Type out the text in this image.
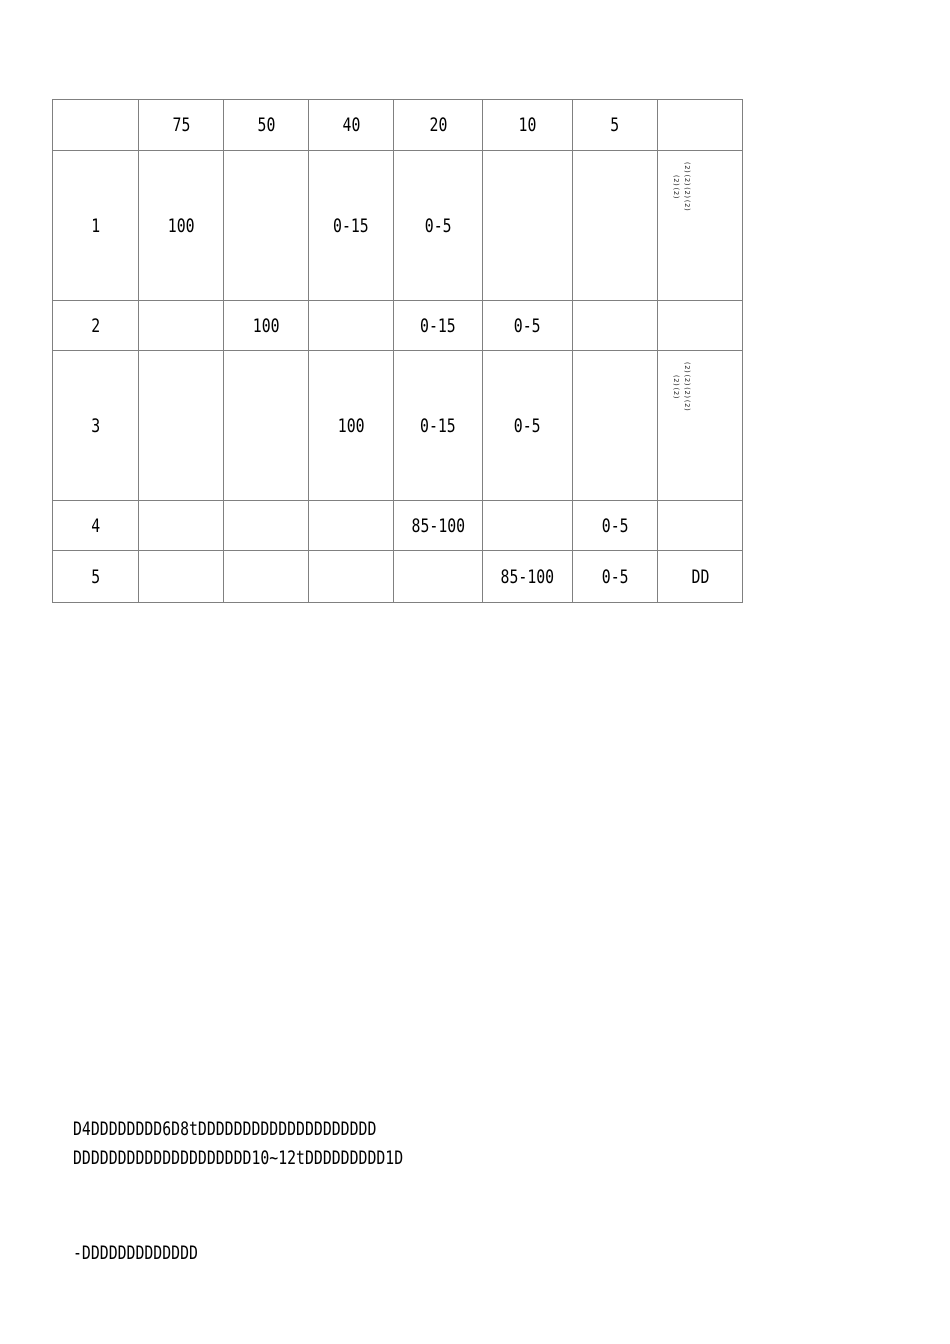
	75	50	40	20	10	5	
1	100		0-15	0-5			(2)(2) (2)(2)(2)(2)

2		100		0-15	0-5		
3			100	0-15	0-5		(2)(2) (2)(2)(2)(2)

4				85-100		0-5	
5					85-100	0-5	DD
D4DDDDDDDD6D8tDDDDDDDDDDDDDDDDDDDD
DDDDDDDDDDDDDDDDDDDD10~12tDDDDDDDDD1D
-DDDDDDDDDDDDD
